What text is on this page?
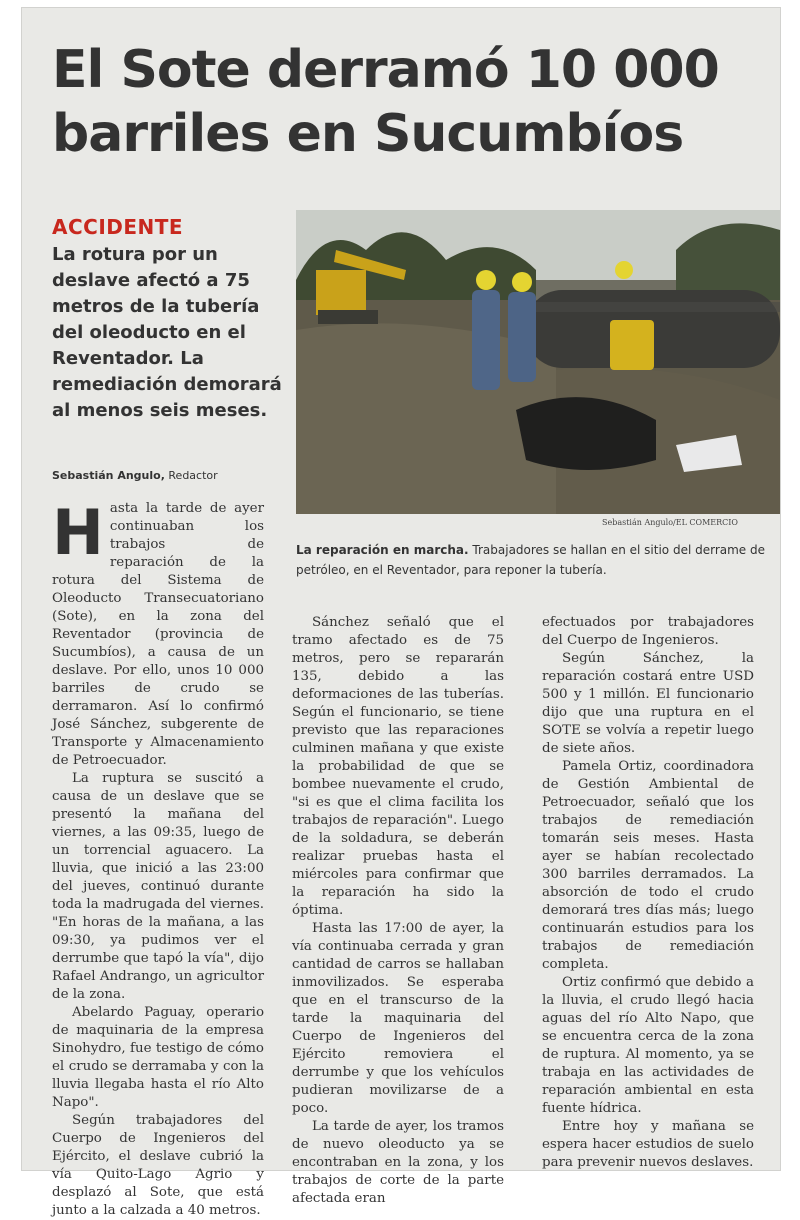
El Sote derramó 10 000 barriles en Sucumbíos
ACCIDENTE

La rotura por un deslave afectó a 75 metros de la tubería del oleoducto en el Reventador. La remediación demorará al menos seis meses.

Sebastián Angulo, Redactor
Sebastián Angulo/EL COMERCIO
La reparación en marcha. Trabajadores se hallan en el sitio del derrame de petróleo, en el Reventador, para reponer la tubería.
H asta la tarde de ayer continuaban los trabajos de reparación de la rotura del Sistema de Oleoducto Transecuatoriano (Sote), en la zona del Reventador (provincia de Sucumbíos), a causa de un deslave. Por ello, unos 10 000 barriles de crudo se derramaron. Así lo confirmó José Sánchez, subgerente de Transporte y Almacenamiento de Petroecuador.

La ruptura se suscitó a causa de un deslave que se presentó la mañana del viernes, a las 09:35, luego de un torrencial aguacero. La lluvia, que inició a las 23:00 del jueves, continuó durante toda la madrugada del viernes. "En horas de la mañana, a las 09:30, ya pudimos ver el derrumbe que tapó la vía", dijo Rafael Andrango, un agricultor de la zona.

Abelardo Paguay, operario de maquinaria de la empresa Sinohydro, fue testigo de cómo el crudo se derramaba y con la lluvia llegaba hasta el río Alto Napo".

Según trabajadores del Cuerpo de Ingenieros del Ejército, el deslave cubrió la vía Quito-Lago Agrio y desplazó al Sote, que está junto a la calzada a 40 metros.

Sánchez señaló que el tramo afectado es de 75 metros, pero se repararán 135, debido a las deformaciones de las tuberías. Según el funcionario, se tiene previsto que las reparaciones culminen mañana y que existe la probabilidad de que se bombee nuevamente el crudo, "si es que el clima facilita los trabajos de reparación". Luego de la soldadura, se deberán realizar pruebas hasta el miércoles para confirmar que la reparación ha sido la óptima.

Hasta las 17:00 de ayer, la vía continuaba cerrada y gran cantidad de carros se hallaban inmovilizados. Se esperaba que en el transcurso de la tarde la maquinaria del Cuerpo de Ingenieros del Ejército removiera el derrumbe y que los vehículos pudieran movilizarse de a poco.

La tarde de ayer, los tramos de nuevo oleoducto ya se encontraban en la zona, y los trabajos de corte de la parte afectada eran

efectuados por trabajadores del Cuerpo de Ingenieros.

Según Sánchez, la reparación costará entre USD 500 y 1 millón. El funcionario dijo que una ruptura en el SOTE se volvía a repetir luego de siete años.

Pamela Ortiz, coordinadora de Gestión Ambiental de Petroecuador, señaló que los trabajos de remediación tomarán seis meses. Hasta ayer se habían recolectado 300 barriles derramados. La absorción de todo el crudo demorará tres días más; luego continuarán estudios para los trabajos de remediación completa.

Ortiz confirmó que debido a la lluvia, el crudo llegó hacia aguas del río Alto Napo, que se encuentra cerca de la zona de ruptura. Al momento, ya se trabaja en las actividades de reparación ambiental en esta fuente hídrica.

Entre hoy y mañana se espera hacer estudios de suelo para prevenir nuevos deslaves.
